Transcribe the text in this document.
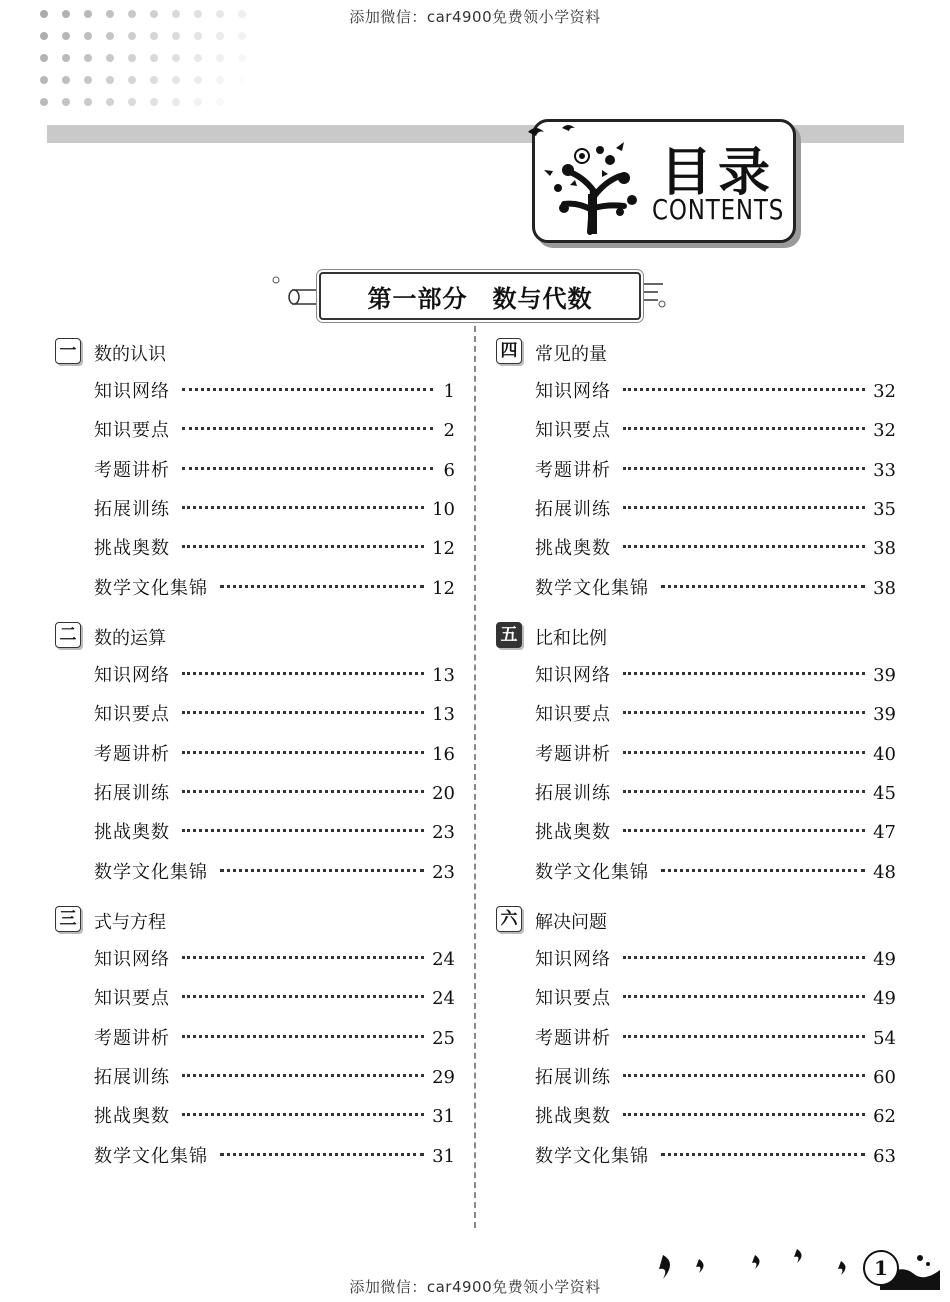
添加微信：car4900免费领小学资料
目录
CONTENTS
第一部分　数与代数
一 数的认识
知识网络	1
知识要点	2
考题讲析	6
拓展训练	10
挑战奥数	12
数学文化集锦	12
二 数的运算
知识网络	13
知识要点	13
考题讲析	16
拓展训练	20
挑战奥数	23
数学文化集锦	23
三 式与方程
知识网络	24
知识要点	24
考题讲析	25
拓展训练	29
挑战奥数	31
数学文化集锦	31
四 常见的量
知识网络	32
知识要点	32
考题讲析	33
拓展训练	35
挑战奥数	38
数学文化集锦	38
五 比和比例
知识网络	39
知识要点	39
考题讲析	40
拓展训练	45
挑战奥数	47
数学文化集锦	48
六 解决问题
知识网络	49
知识要点	49
考题讲析	54
拓展训练	60
挑战奥数	62
数学文化集锦	63
1
添加微信：car4900免费领小学资料
